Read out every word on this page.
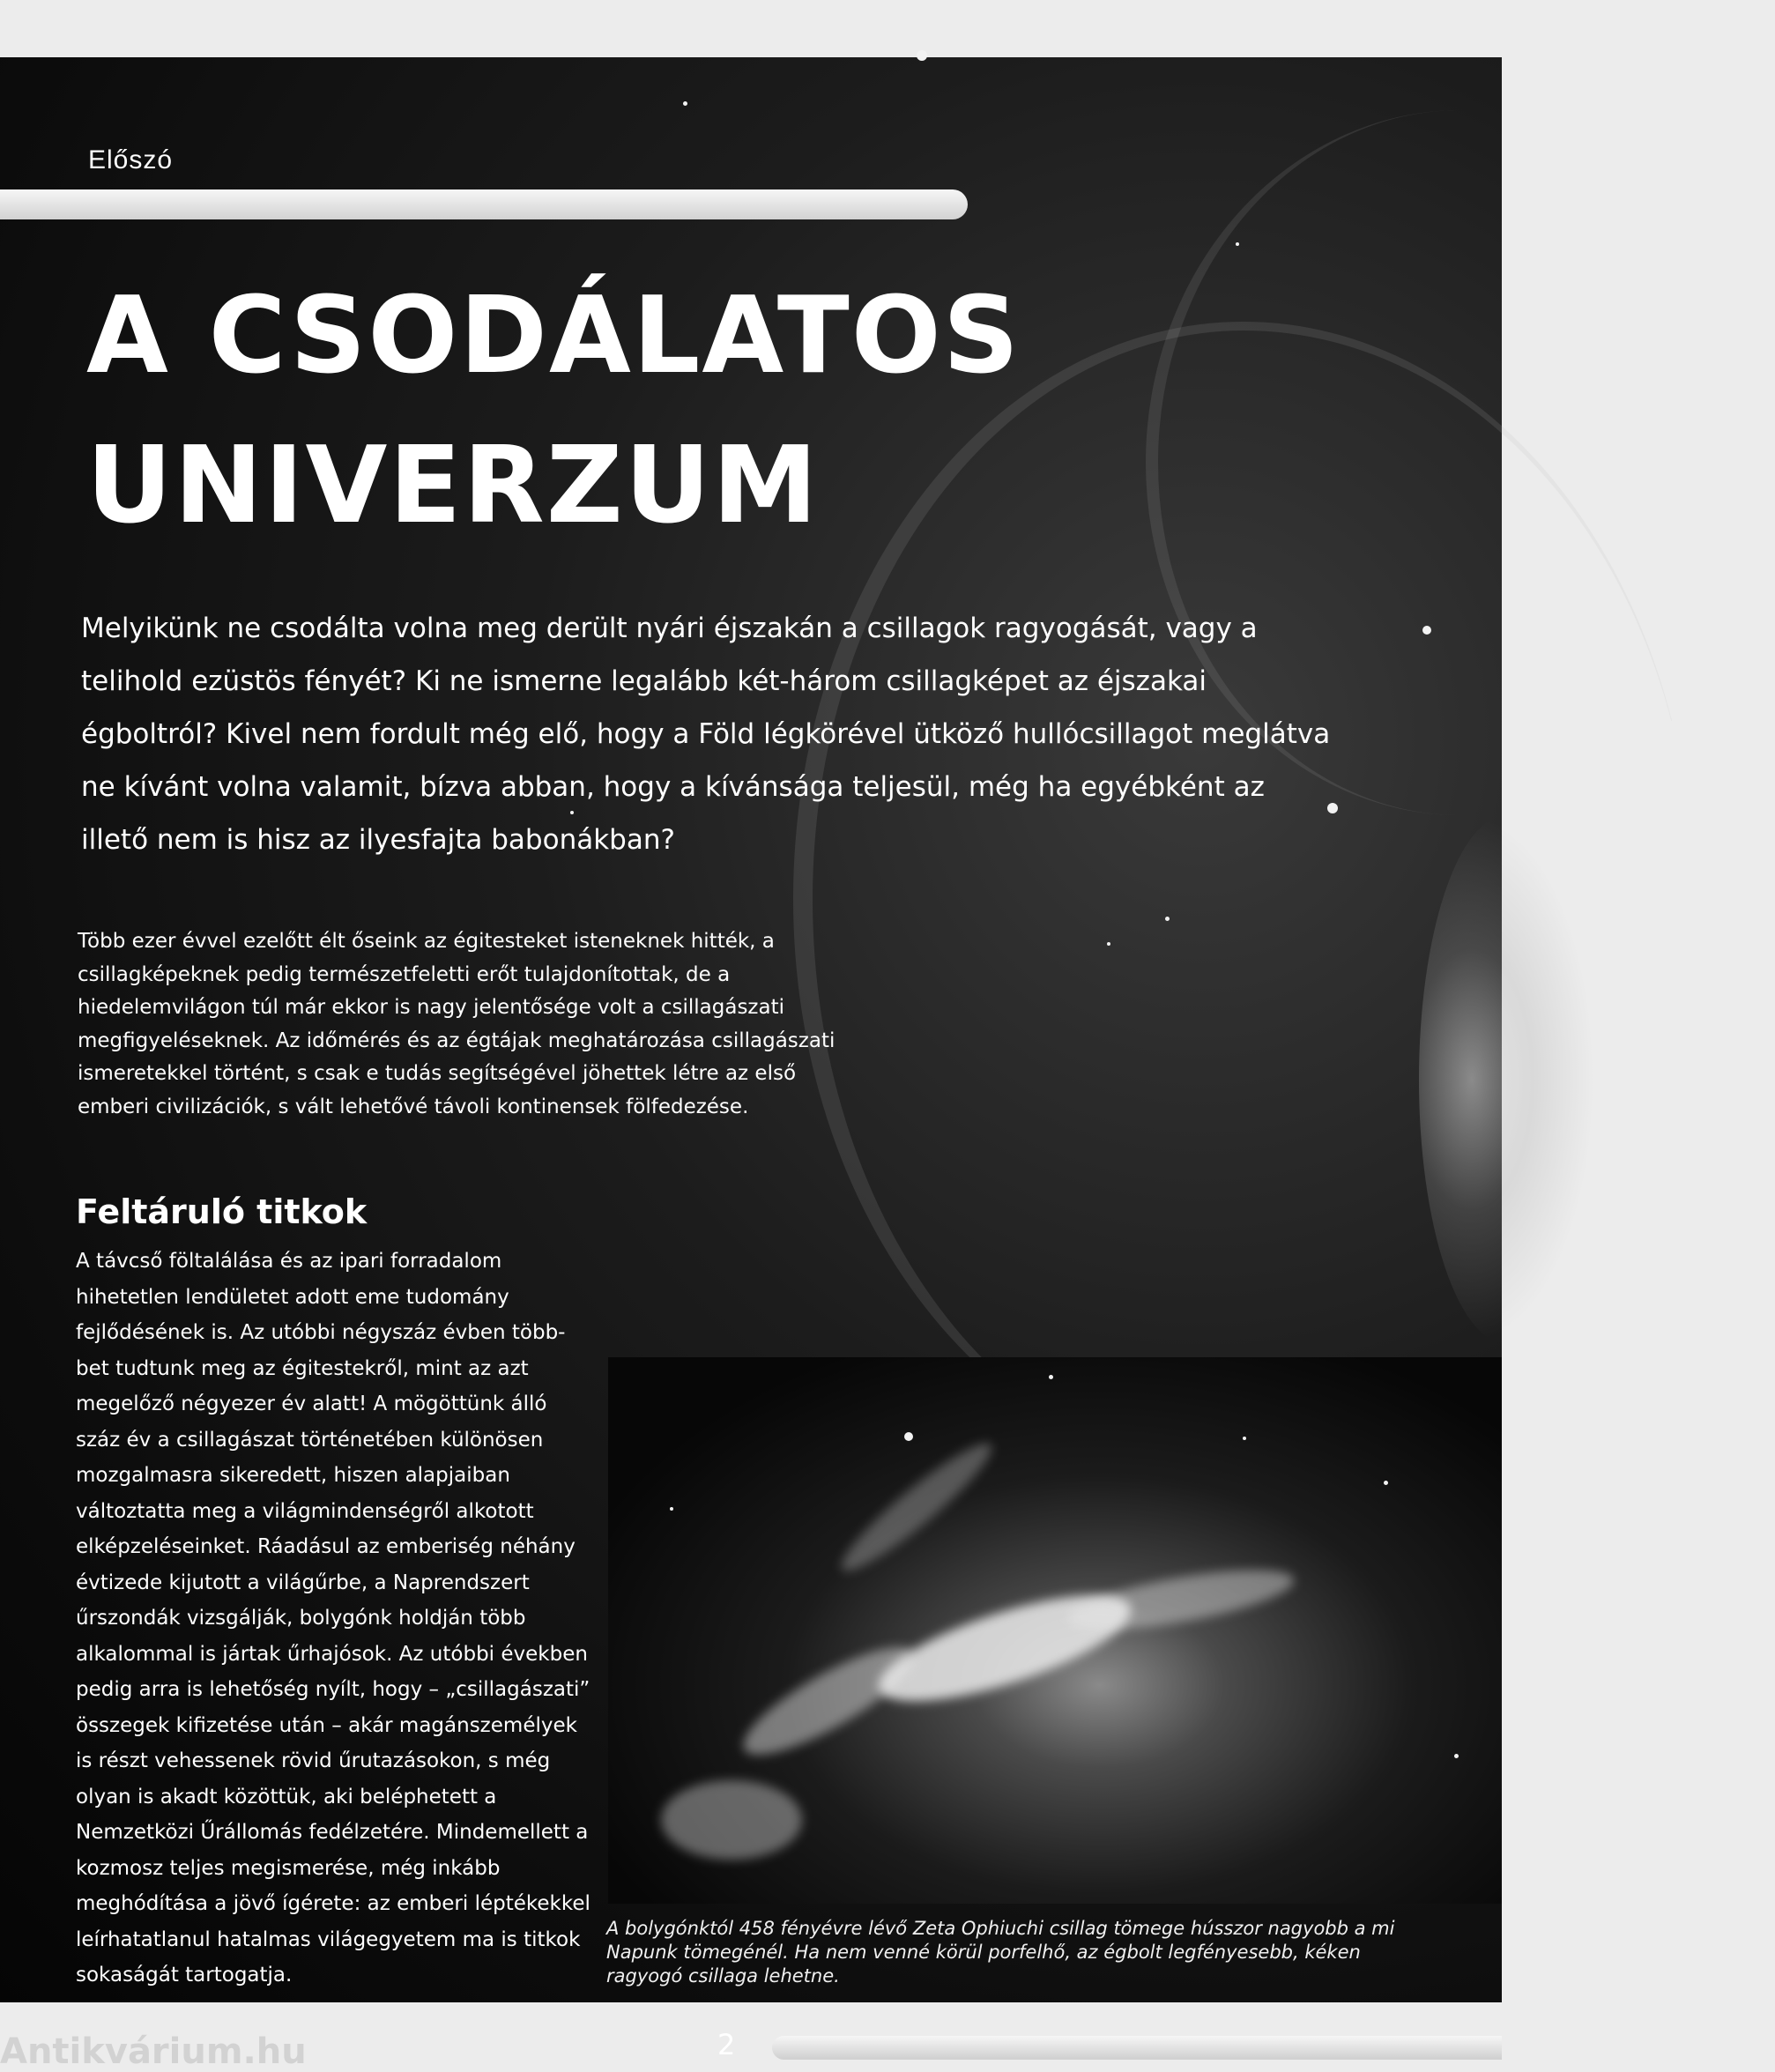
Előszó
A CSODÁLATOS
UNIVERZUM

Melyikünk ne csodálta volna meg derült nyári éjszakán a csillagok ragyogását, vagy a telihold ezüstös fényét? Ki ne ismerne legalább két-három csillagképet az éjszakai égboltról? Kivel nem fordult még elő, hogy a Föld légkörével ütköző hullócsillagot meglátva ne kívánt volna valamit, bízva abban, hogy a kívánsága teljesül, még ha egyébként az illető nem is hisz az ilyesfajta babonákban?

Több ezer évvel ezelőtt élt őseink az égitesteket isteneknek hitték, a csillagképeknek pedig természetfeletti erőt tulajdonítottak, de a hiedelemvilágon túl már ekkor is nagy jelentősége volt a csillagászati megfigyeléseknek. Az időmérés és az égtájak meghatározása csillagászati ismeretekkel történt, s csak e tudás segítségével jöhettek létre az első emberi civilizációk, s vált lehetővé távoli kontinensek fölfedezése.

Feltáruló titkok

A távcső föltalálása és az ipari forradalom hihetetlen lendületet adott eme tudomány fejlődésének is. Az utóbbi négyszáz évben több-bet tudtunk meg az égitestekről, mint az azt megelőző négyezer év alatt! A mögöttünk álló száz év a csillagászat történetében különösen mozgalmasra sikeredett, hiszen alapjaiban változtatta meg a világmindenségről alkotott elképzeléseinket. Ráadásul az emberiség néhány évtizede kijutott a világűrbe, a Naprendszert űrszondák vizsgálják, bolygónk holdján több alkalommal is jártak űrhajósok. Az utóbbi években pedig arra is lehetőség nyílt, hogy – „csillagászati” összegek kifizetése után – akár magánszemélyek is részt vehessenek rövid űrutazásokon, s még olyan is akadt közöttük, aki beléphetett a Nemzetközi Űrállomás fedélzetére. Mindemellett a kozmosz teljes megismerése, még inkább meghódítása a jövő ígérete: az emberi léptékekkel leírhatatlanul hatalmas világegyetem ma is titkok sokaságát tartogatja.

A bolygónktól 458 fényévre lévő Zeta Ophiuchi csillag tömege hússzor nagyobb a mi Napunk tömegénél. Ha nem venné körül porfelhő, az égbolt legfényesebb, kéken ragyogó csillaga lehetne.

Antikvárium.hu	2
